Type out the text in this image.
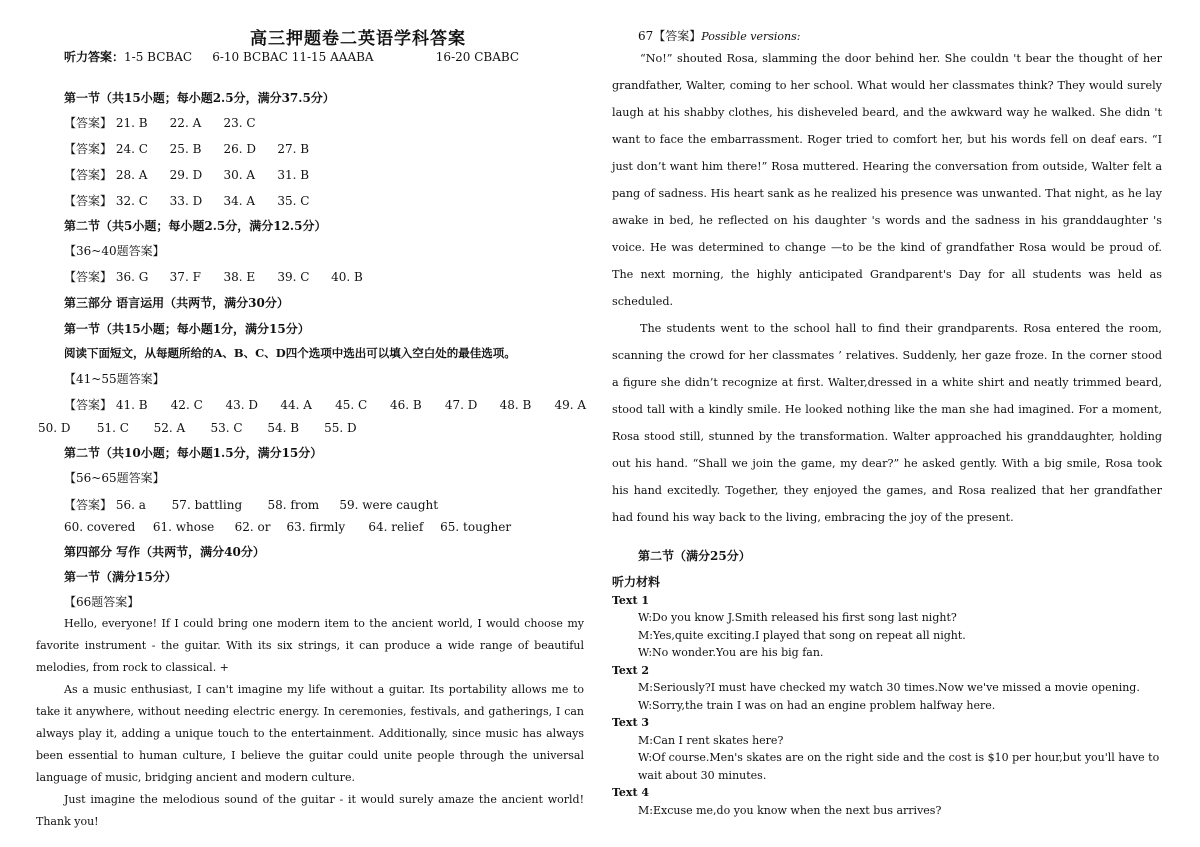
高三押题卷二英语学科答案
听力答案：1-5 BCBAC 6-10 BCBAC 11-15 AAABA	16-20 CBABC
第一节（共15小题；每小题2.5分，满分37.5分）
【答案】 21. B 22. A 23. C
【答案】 24. C 25. B 26. D 27. B
【答案】 28. A 29. D 30. A 31. B
【答案】 32. C 33. D 34. A 35. C
第二节（共5小题；每小题2.5分，满分12.5分）
【36~40题答案】
【答案】 36. G 37. F 38. E 39. C 40. B
第三部分 语言运用（共两节，满分30分）
第一节（共15小题；每小题1分，满分15分）
阅读下面短文，从每题所给的A、B、C、D四个选项中选出可以填入空白处的最佳选项。
【41~55题答案】
【答案】 41. B 42. C 43. D 44. A 45. C 46. B 47. D 48. B 49. A
50. D 51. C 52. A 53. C 54. B 55. D
第二节（共10小题；每小题1.5分，满分15分）
【56~65题答案】
【答案】 56. a 57. battling 58. from 59. were caught
60. covered 61. whose 62. or 63. firmly 64. relief 65. tougher
第四部分 写作（共两节，满分40分）
第一节（满分15分）
【66题答案】

Hello, everyone! If I could bring one modern item to the ancient world, I would choose my favorite instrument - the guitar. With its six strings, it can produce a wide range of beautiful melodies, from rock to classical. +

As a music enthusiast, I can't imagine my life without a guitar. Its portability allows me to take it anywhere, without needing electric energy. In ceremonies, festivals, and gatherings, I can always play it, adding a unique touch to the entertainment. Additionally, since music has always been essential to human culture, I believe the guitar could unite people through the universal language of music, bridging ancient and modern culture.

Just imagine the melodious sound of the guitar - it would surely amaze the ancient world! Thank you!

67【答案】Possible versions:

“No!” shouted Rosa, slamming the door behind her. She couldn 't bear the thought of her grandfather, Walter, coming to her school. What would her classmates think? They would surely laugh at his shabby clothes, his disheveled beard, and the awkward way he walked. She didn 't want to face the embarrassment. Roger tried to comfort her, but his words fell on deaf ears. “I just don’t want him there!” Rosa muttered. Hearing the conversation from outside, Walter felt a pang of sadness. His heart sank as he realized his presence was unwanted. That night, as he lay awake in bed, he reflected on his daughter 's words and the sadness in his granddaughter 's voice. He was determined to change —to be the kind of grandfather Rosa would be proud of. The next morning, the highly anticipated Grandparent's Day for all students was held as scheduled.

The students went to the school hall to find their grandparents. Rosa entered the room, scanning the crowd for her classmates ’ relatives. Suddenly, her gaze froze. In the corner stood a figure she didn’t recognize at first. Walter,dressed in a white shirt and neatly trimmed beard, stood tall with a kindly smile. He looked nothing like the man she had imagined. For a moment, Rosa stood still, stunned by the transformation. Walter approached his granddaughter, holding out his hand. “Shall we join the game, my dear?” he asked gently. With a big smile, Rosa took his hand excitedly. Together, they enjoyed the games, and Rosa realized that her grandfather had found his way back to the living, embracing the joy of the present.

第二节（满分25分）
听力材料
Text 1
W:Do you know J.Smith released his first song last night?
M:Yes,quite exciting.I played that song on repeat all night.
W:No wonder.You are his big fan.
Text 2
M:Seriously?I must have checked my watch 30 times.Now we've missed a movie opening.
W:Sorry,the train I was on had an engine problem halfway here.
Text 3
M:Can I rent skates here?
W:Of course.Men's skates are on the right side and the cost is $10 per hour,but you'll have to wait about 30 minutes.
Text 4
M:Excuse me,do you know when the next bus arrives?
